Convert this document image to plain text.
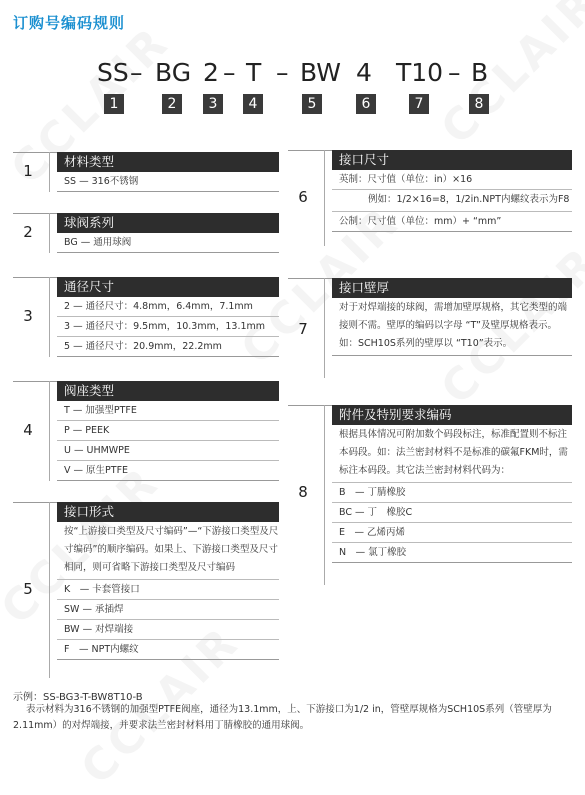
订购号编码规则
SS – BG 2 – T – BW 4 T10 – B
1	2	3	4	5	6	7	8
1
材料类型
SS — 316不锈钢
2
球阀系列
BG — 通用球阀
3
通径尺寸
2 — 通径尺寸：4.8mm，6.4mm，7.1mm
3 — 通径尺寸：9.5mm，10.3mm，13.1mm
5 — 通径尺寸：20.9mm，22.2mm
4
阀座类型
T — 加强型PTFE
P — PEEK
U — UHMWPE
V — 原生PTFE
5
接口形式
按“上游接口类型及尺寸编码”—“下游接口类型及尺寸编码”的顺序编码。如果上、下游接口类型及尺寸相同，则可省略下游接口类型及尺寸编码
K　— 卡套管接口
SW — 承插焊
BW — 对焊端接
F　— NPT内螺纹
6
接口尺寸
英制：尺寸值（单位：in）×16
例如：1/2×16=8，1/2in.NPT内螺纹表示为F8
公制：尺寸值（单位：mm）+ “mm”
7
接口壁厚
对于对焊端接的球阀，需增加壁厚规格，其它类型的端接则不需。壁厚的编码以字母 “T”及壁厚规格表示。如：SCH10S系列的壁厚以 “T10”表示。
8
附件及特别要求编码
根据具体情况可附加数个码段标注，标准配置则不标注本码段。如：法兰密封材料不是标准的碳氟FKM时，需标注本码段。其它法兰密封材料代码为：
B　— 丁腈橡胶
BC — 丁　橡胶C
E　— 乙烯丙烯
N　— 氯丁橡胶
示例：SS-BG3-T-BW8T10-B
表示材料为316不锈钢的加强型PTFE阀座，通径为13.1mm，上、下游接口为1/2 in，管壁厚规格为SCH10S系列（管壁厚为2.11mm）的对焊端接，并要求法兰密封材料用丁腈橡胶的通用球阀。
